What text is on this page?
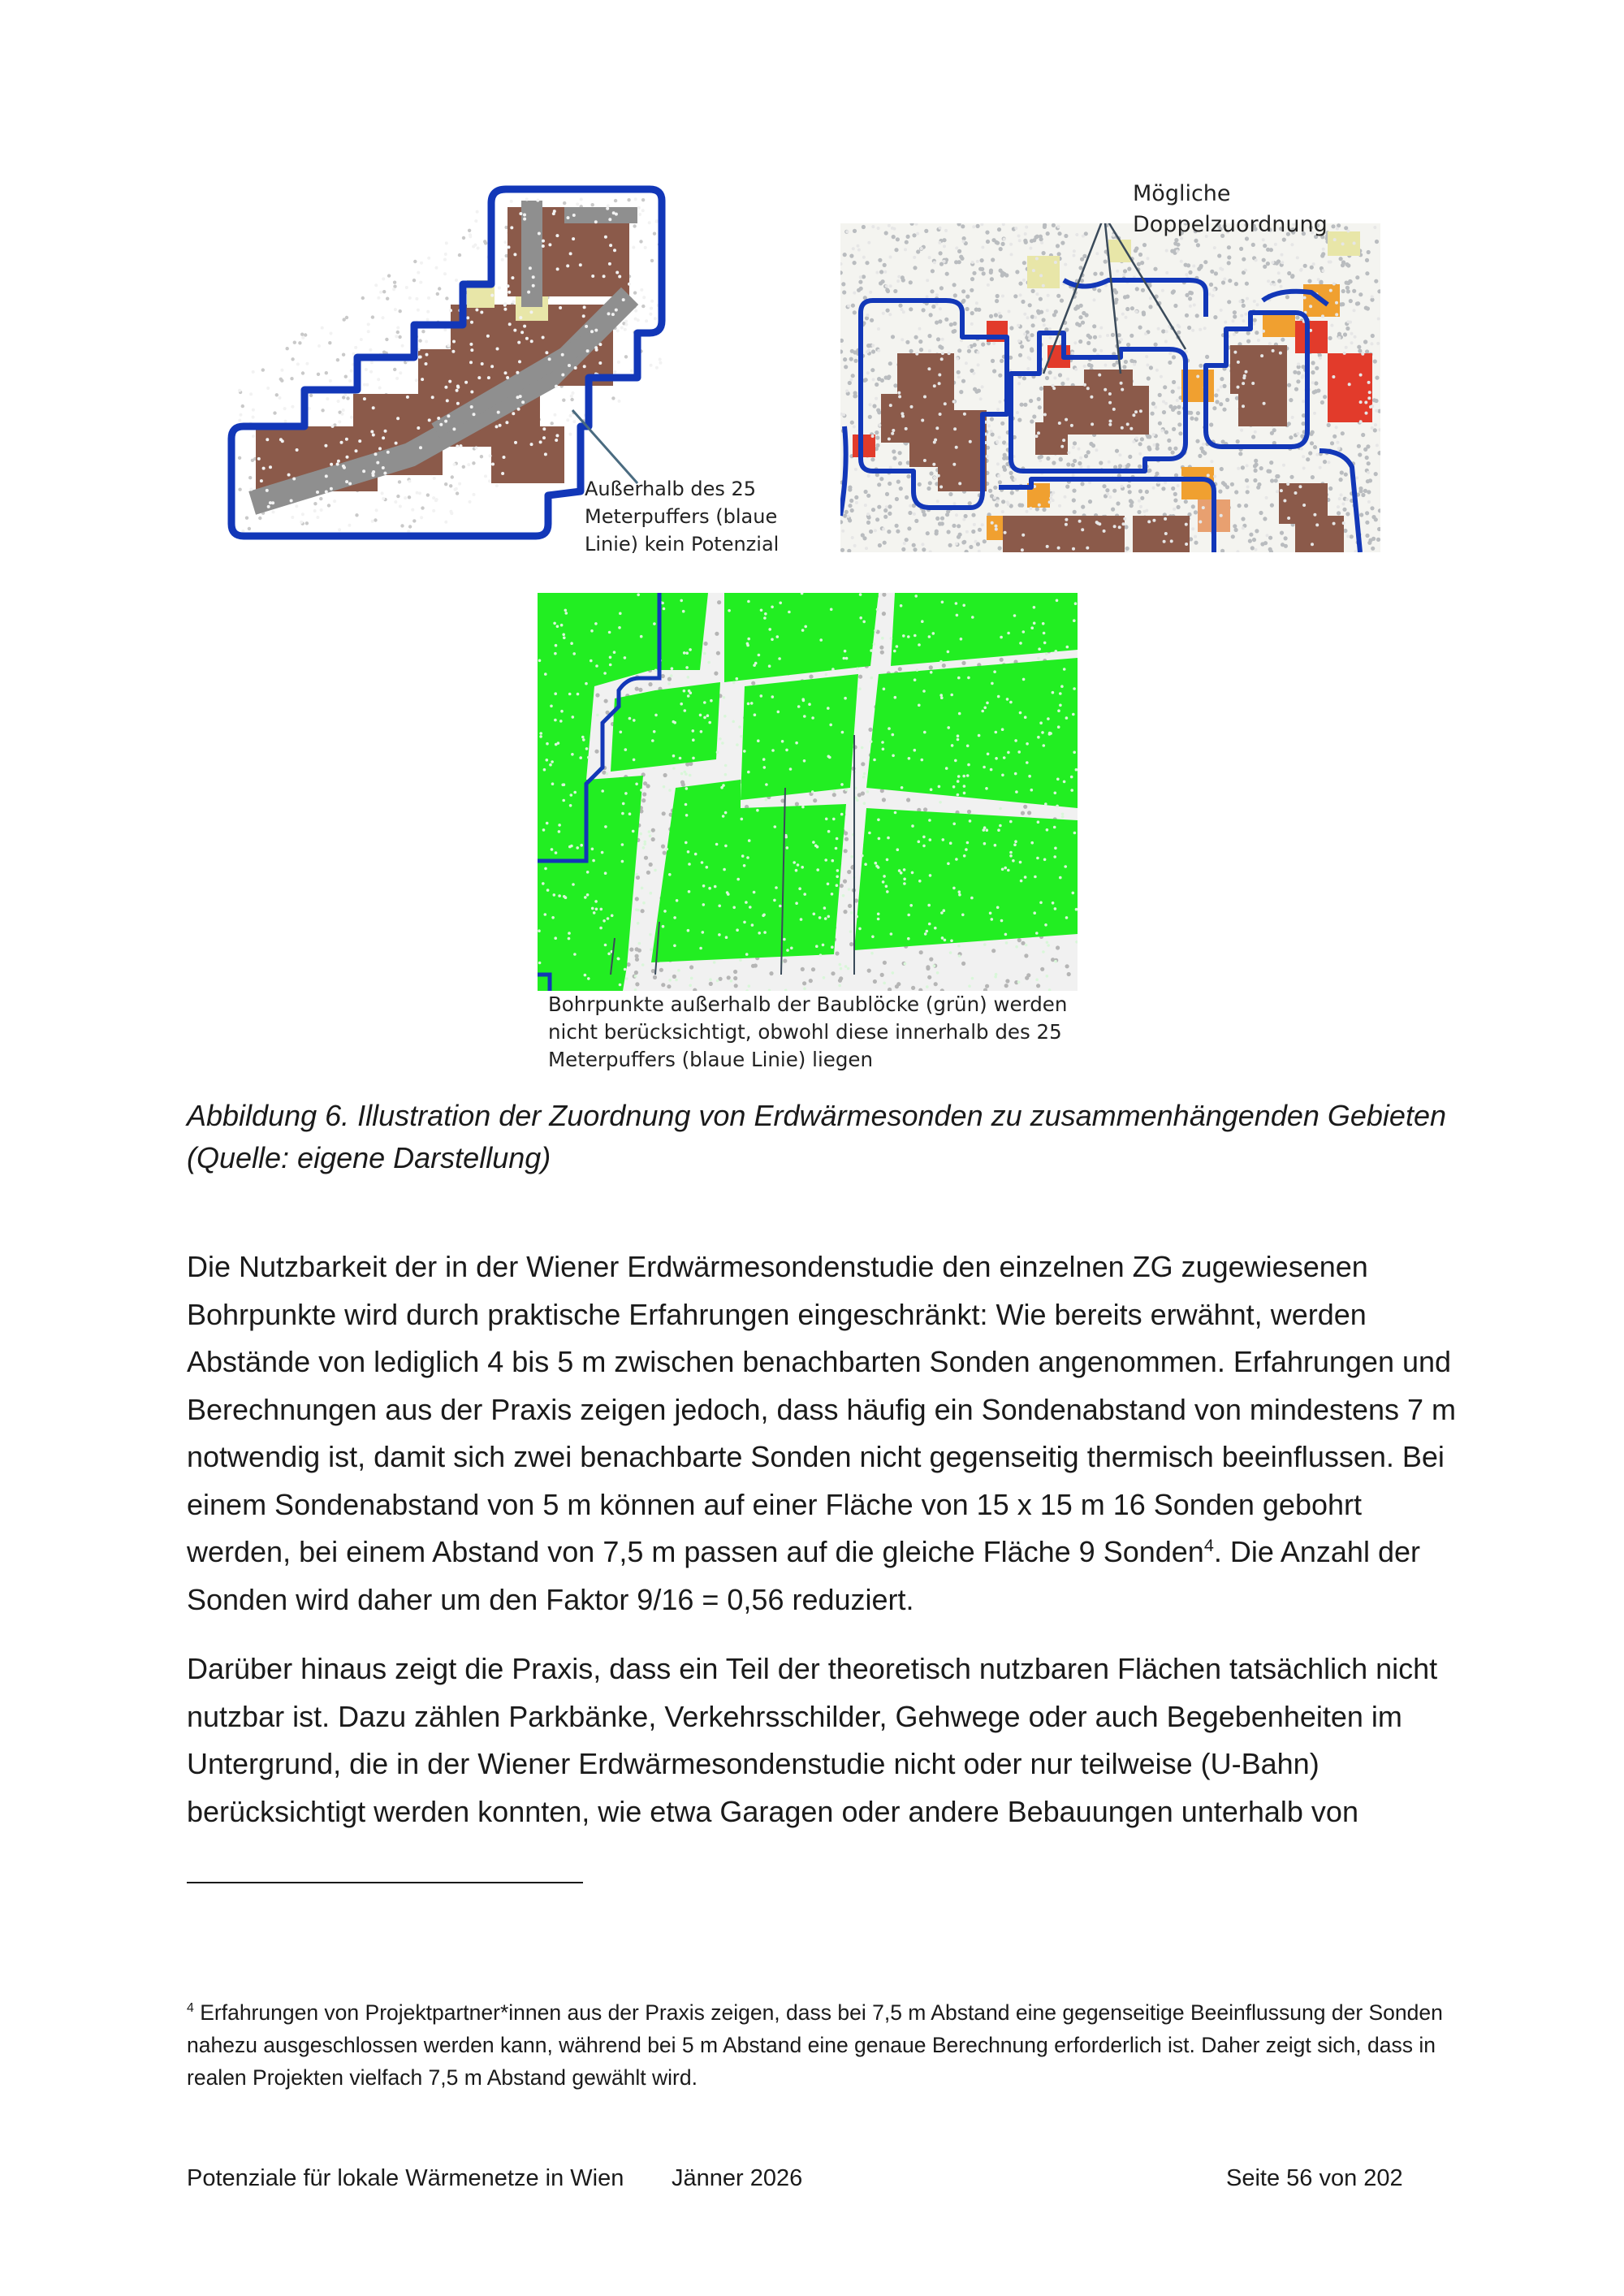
Außerhalb des 25
Meterpuffers (blaue
Linie) kein Potenzial
Mögliche
Doppelzuordnung
Bohrpunkte außerhalb der Baublöcke (grün) werden
nicht berücksichtigt, obwohl diese innerhalb des 25
Meterpuffers (blaue Linie) liegen
Abbildung 6. Illustration der Zuordnung von Erdwärmesonden zu zusammenhängenden Gebieten
(Quelle: eigene Darstellung)

Die Nutzbarkeit der in der Wiener Erdwärmesondenstudie den einzelnen ZG zugewiesenen Bohrpunkte wird durch praktische Erfahrungen eingeschränkt: Wie bereits erwähnt, werden Abstände von lediglich 4 bis 5 m zwischen benachbarten Sonden angenommen. Erfahrungen und Berechnungen aus der Praxis zeigen jedoch, dass häufig ein Sondenabstand von mindestens 7 m notwendig ist, damit sich zwei benachbarte Sonden nicht gegenseitig thermisch beeinflussen. Bei einem Sondenabstand von 5 m können auf einer Fläche von 15 x 15 m 16 Sonden gebohrt werden, bei einem Abstand von 7,5 m passen auf die gleiche Fläche 9 Sonden$^4$. Die Anzahl der Sonden wird daher um den Faktor 9/16 = 0,56 reduziert.

Darüber hinaus zeigt die Praxis, dass ein Teil der theoretisch nutzbaren Flächen tatsächlich nicht nutzbar ist. Dazu zählen Parkbänke, Verkehrsschilder, Gehwege oder auch Begebenheiten im Untergrund, die in der Wiener Erdwärmesondenstudie nicht oder nur teilweise (U-Bahn) berücksichtigt werden konnten, wie etwa Garagen oder andere Bebauungen unterhalb von

$^4$ Erfahrungen von Projektpartner*innen aus der Praxis zeigen, dass bei 7,5 m Abstand eine gegenseitige Beeinflussung der Sonden nahezu ausgeschlossen werden kann, während bei 5 m Abstand eine genaue Berechnung erforderlich ist. Daher zeigt sich, dass in realen Projekten vielfach 7,5 m Abstand gewählt wird.
Potenziale für lokale Wärmenetze in Wien Jänner 2026	Seite 56 von 202
